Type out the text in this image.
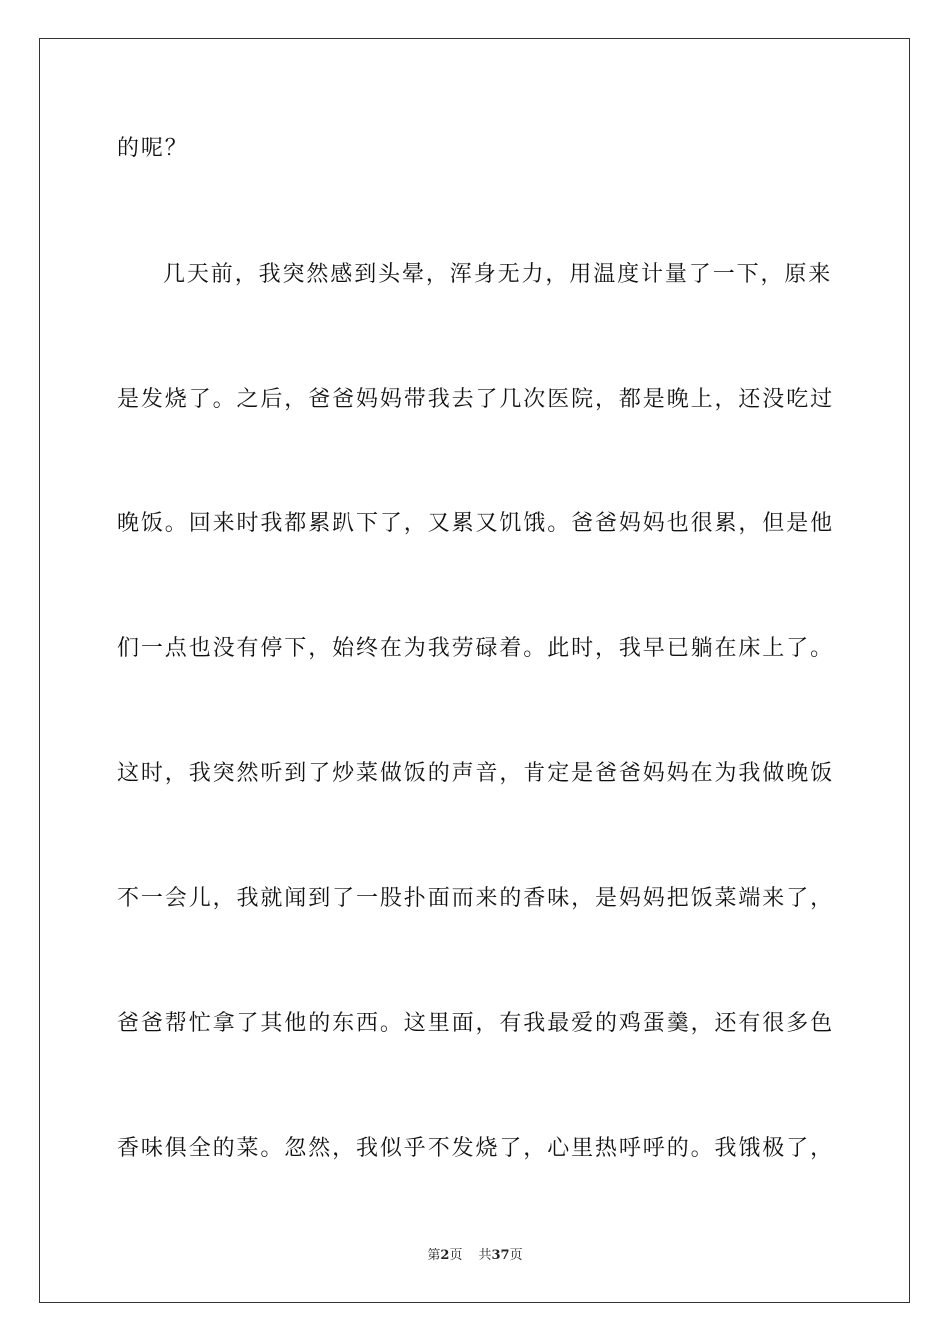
的呢？
几天前，我突然感到头晕，浑身无力，用温度计量了一下，原来
是发烧了。之后，爸爸妈妈带我去了几次医院，都是晚上，还没吃过
晚饭。回来时我都累趴下了，又累又饥饿。爸爸妈妈也很累，但是他
们一点也没有停下，始终在为我劳碌着。此时，我早已躺在床上了。
这时，我突然听到了炒菜做饭的声音，肯定是爸爸妈妈在为我做晚饭
不一会儿，我就闻到了一股扑面而来的香味，是妈妈把饭菜端来了，
爸爸帮忙拿了其他的东西。这里面，有我最爱的鸡蛋羹，还有很多色
香味俱全的菜。忽然，我似乎不发烧了，心里热呼呼的。我饿极了，
第2页 共37页
